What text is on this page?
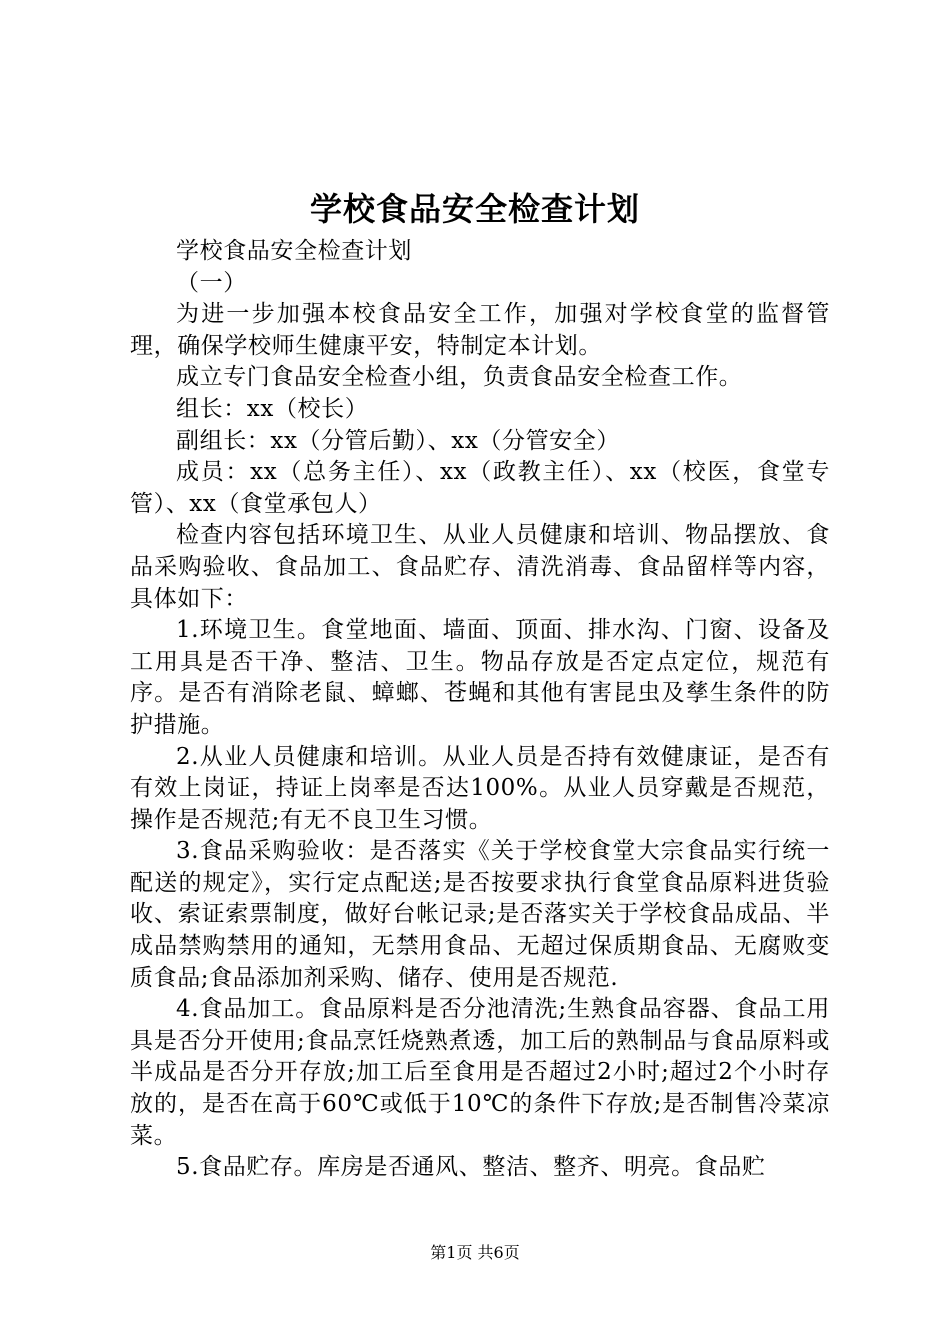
学校食品安全检查计划

学校食品安全检查计划

（一）

为进一步加强本校食品安全工作，加强对学校食堂的监督管理，确保学校师生健康平安，特制定本计划。

成立专门食品安全检查小组，负责食品安全检查工作。

组长：xx（校长）

副组长：xx（分管后勤）、xx（分管安全）

成员：xx（总务主任）、xx（政教主任）、xx（校医，食堂专管）、xx（食堂承包人）

检查内容包括环境卫生、从业人员健康和培训、物品摆放、食品采购验收、食品加工、食品贮存、清洗消毒、食品留样等内容，具体如下：

1.环境卫生。食堂地面、墙面、顶面、排水沟、门窗、设备及工用具是否干净、整洁、卫生。物品存放是否定点定位，规范有序。是否有消除老鼠、蟑螂、苍蝇和其他有害昆虫及孳生条件的防护措施。

2.从业人员健康和培训。从业人员是否持有效健康证，是否有有效上岗证，持证上岗率是否达100%。从业人员穿戴是否规范，操作是否规范;有无不良卫生习惯。

3.食品采购验收：是否落实《关于学校食堂大宗食品实行统一配送的规定》，实行定点配送;是否按要求执行食堂食品原料进货验收、索证索票制度，做好台帐记录;是否落实关于学校食品成品、半成品禁购禁用的通知，无禁用食品、无超过保质期食品、无腐败变质食品;食品添加剂采购、储存、使用是否规范.

4.食品加工。食品原料是否分池清洗;生熟食品容器、食品工用具是否分开使用;食品烹饪烧熟煮透，加工后的熟制品与食品原料或半成品是否分开存放;加工后至食用是否超过2小时;超过2个小时存放的，是否在高于60℃或低于10℃的条件下存放;是否制售冷菜凉菜。

5.食品贮存。库房是否通风、整洁、整齐、明亮。食品贮

第1页 共6页
